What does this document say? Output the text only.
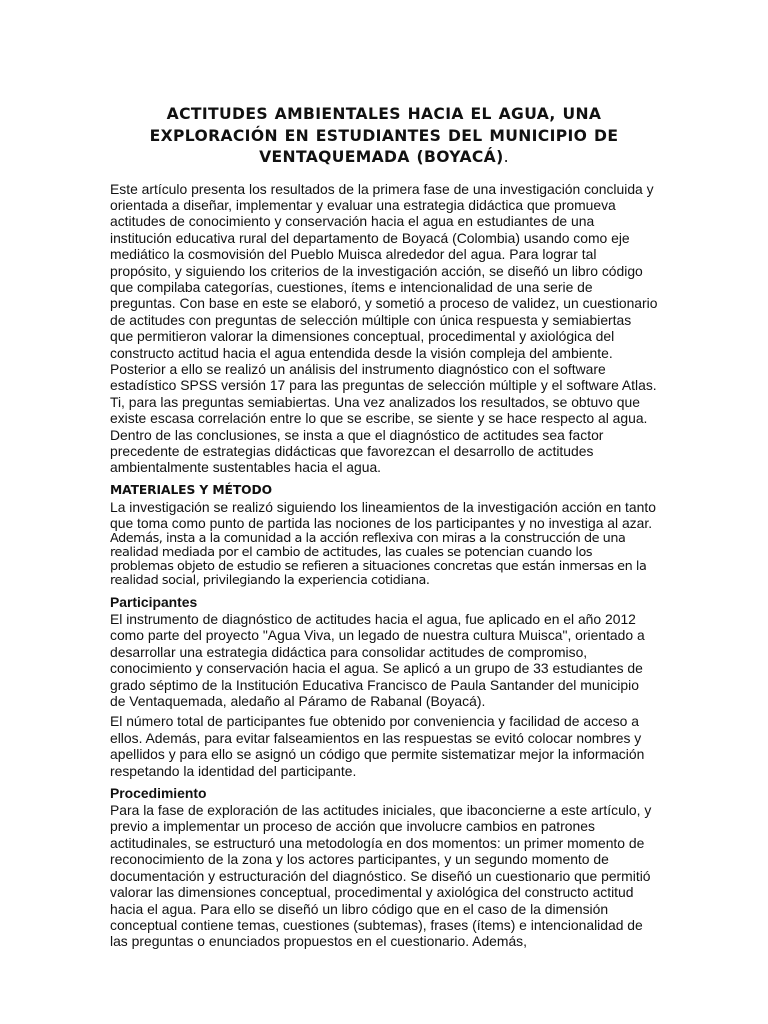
ACTITUDES AMBIENTALES HACIA EL AGUA, UNA EXPLORACIÓN EN ESTUDIANTES DEL MUNICIPIO DE VENTAQUEMADA (BOYACÁ).

Este artículo presenta los resultados de la primera fase de una investigación concluida y orientada a diseñar, implementar y evaluar una estrategia didáctica que promueva actitudes de conocimiento y conservación hacia el agua en estudiantes de una institución educativa rural del departamento de Boyacá (Colombia) usando como eje mediático la cosmovisión del Pueblo Muisca alrededor del agua. Para lograr tal propósito, y siguiendo los criterios de la investigación acción, se diseñó un libro código que compilaba categorías, cuestiones, ítems e intencionalidad de una serie de preguntas. Con base en este se elaboró, y sometió a proceso de validez, un cuestionario de actitudes con preguntas de selección múltiple con única respuesta y semiabiertas que permitieron valorar la dimensiones conceptual, procedimental y axiológica del constructo actitud hacia el agua entendida desde la visión compleja del ambiente. Posterior a ello se realizó un análisis del instrumento diagnóstico con el software estadístico SPSS versión 17 para las preguntas de selección múltiple y el software Atlas. Ti, para las preguntas semiabiertas. Una vez analizados los resultados, se obtuvo que existe escasa correlación entre lo que se escribe, se siente y se hace respecto al agua. Dentro de las conclusiones, se insta a que el diagnóstico de actitudes sea factor precedente de estrategias didácticas que favorezcan el desarrollo de actitudes ambientalmente sustentables hacia el agua.

MATERIALES Y MÉTODO

La investigación se realizó siguiendo los lineamientos de la investigación acción en tanto que toma como punto de partida las nociones de los participantes y no investiga al azar.

Además, insta a la comunidad a la acción reflexiva con miras a la construcción de una realidad mediada por el cambio de actitudes, las cuales se potencian cuando los problemas objeto de estudio se refieren a situaciones concretas que están inmersas en la realidad social, privilegiando la experiencia cotidiana.

Participantes

El instrumento de diagnóstico de actitudes hacia el agua, fue aplicado en el año 2012 como parte del proyecto "Agua Viva, un legado de nuestra cultura Muisca", orientado a desarrollar una estrategia didáctica para consolidar actitudes de compromiso, conocimiento y conservación hacia el agua. Se aplicó a un grupo de 33 estudiantes de grado séptimo de la Institución Educativa Francisco de Paula Santander del municipio de Ventaquemada, aledaño al Páramo de Rabanal (Boyacá).

El número total de participantes fue obtenido por conveniencia y facilidad de acceso a ellos. Además, para evitar falseamientos en las respuestas se evitó colocar nombres y apellidos y para ello se asignó un código que permite sistematizar mejor la información respetando la identidad del participante.

Procedimiento

Para la fase de exploración de las actitudes iniciales, que ibaconcierne a este artículo, y previo a implementar un proceso de acción que involucre cambios en patrones actitudinales, se estructuró una metodología en dos momentos: un primer momento de reconocimiento de la zona y los actores participantes, y un segundo momento de documentación y estructuración del diagnóstico. Se diseñó un cuestionario que permitió valorar las dimensiones conceptual, procedimental y axiológica del constructo actitud hacia el agua. Para ello se diseñó un libro código que en el caso de la dimensión conceptual contiene temas, cuestiones (subtemas), frases (ítems) e intencionalidad de las preguntas o enunciados propuestos en el cuestionario. Además,
